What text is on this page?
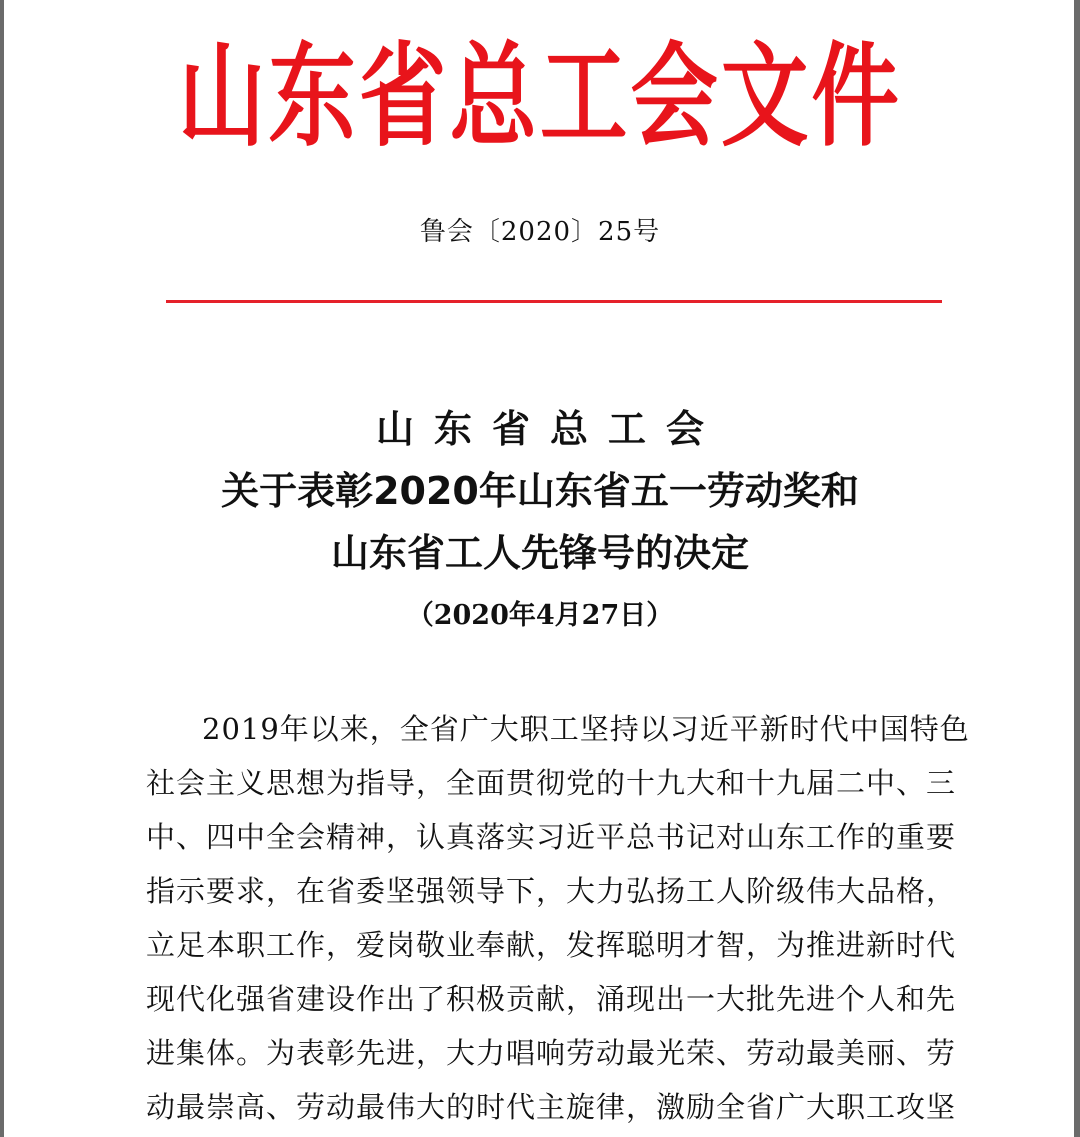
山东省总工会文件
鲁会〔2020〕25号
山东省总工会
关于表彰2020年山东省五一劳动奖和
山东省工人先锋号的决定
（2020年4月27日）
2019年以来，全省广大职工坚持以习近平新时代中国特色
社会主义思想为指导，全面贯彻党的十九大和十九届二中、三
中、四中全会精神，认真落实习近平总书记对山东工作的重要
指示要求，在省委坚强领导下，大力弘扬工人阶级伟大品格，
立足本职工作，爱岗敬业奉献，发挥聪明才智，为推进新时代
现代化强省建设作出了积极贡献，涌现出一大批先进个人和先
进集体。为表彰先进，大力唱响劳动最光荣、劳动最美丽、劳
动最崇高、劳动最伟大的时代主旋律，激励全省广大职工攻坚
